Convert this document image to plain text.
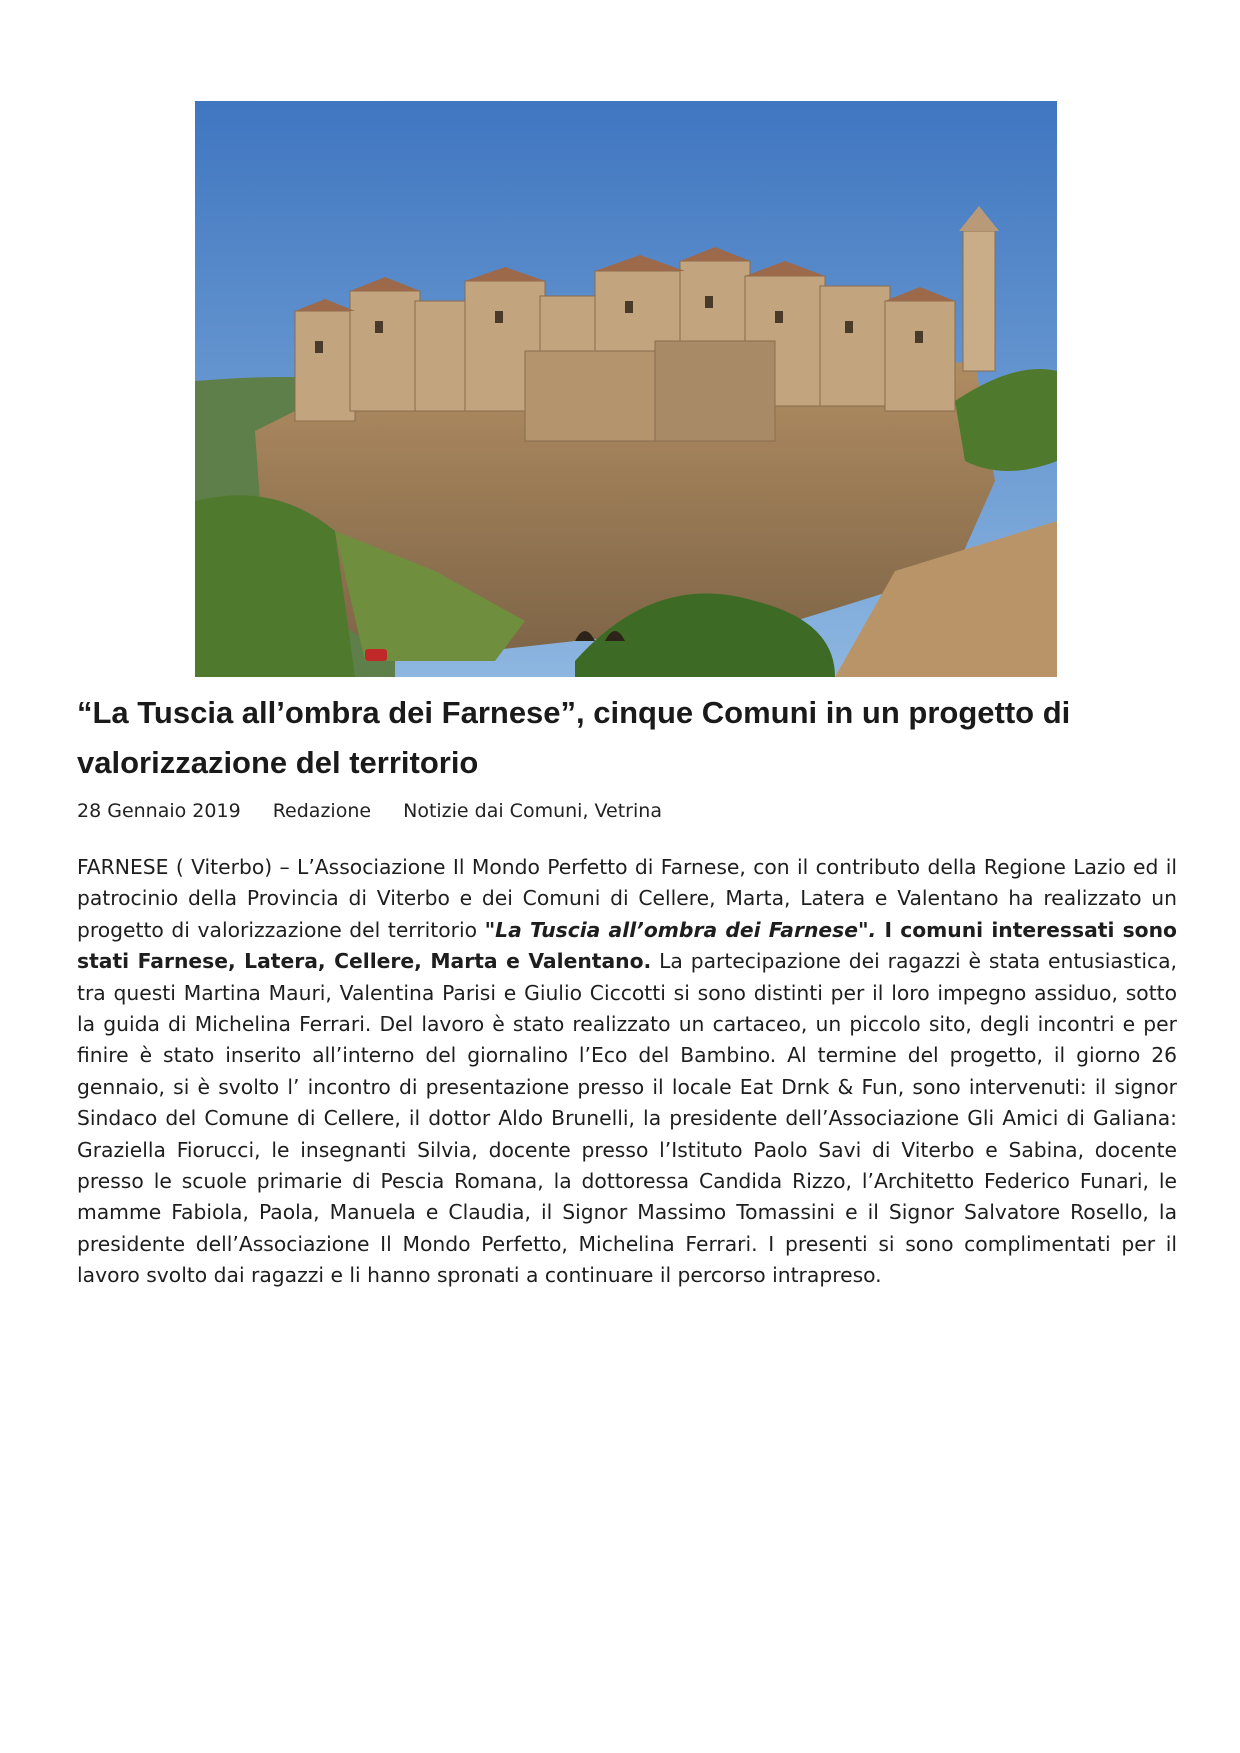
“La Tuscia all’ombra dei Farnese”, cinque Comuni in un progetto di valorizzazione del territorio
28 Gennaio 2019 Redazione Notizie dai Comuni, Vetrina

FARNESE ( Viterbo) – L’Associazione Il Mondo Perfetto di Farnese, con il contributo della Regione Lazio ed il patrocinio della Provincia di Viterbo e dei Comuni di Cellere, Marta, Latera e Valentano ha realizzato un progetto di valorizzazione del territorio "La Tuscia all’ombra dei Farnese". I comuni interessati sono stati Farnese, Latera, Cellere, Marta e Valentano. La partecipazione dei ragazzi è stata entusiastica, tra questi Martina Mauri, Valentina Parisi e Giulio Ciccotti si sono distinti per il loro impegno assiduo, sotto la guida di Michelina Ferrari. Del lavoro è stato realizzato un cartaceo, un piccolo sito, degli incontri e per finire è stato inserito all’interno del giornalino l’Eco del Bambino. Al termine del progetto, il giorno 26 gennaio, si è svolto l’ incontro di presentazione presso il locale Eat Drnk & Fun, sono intervenuti: il signor Sindaco del Comune di Cellere, il dottor Aldo Brunelli, la presidente dell’Associazione Gli Amici di Galiana: Graziella Fiorucci, le insegnanti Silvia, docente presso l’Istituto Paolo Savi di Viterbo e Sabina, docente presso le scuole primarie di Pescia Romana, la dottoressa Candida Rizzo, l’Architetto Federico Funari, le mamme Fabiola, Paola, Manuela e Claudia, il Signor Massimo Tomassini e il Signor Salvatore Rosello, la presidente dell’Associazione Il Mondo Perfetto, Michelina Ferrari. I presenti si sono complimentati per il lavoro svolto dai ragazzi e li hanno spronati a continuare il percorso intrapreso.
